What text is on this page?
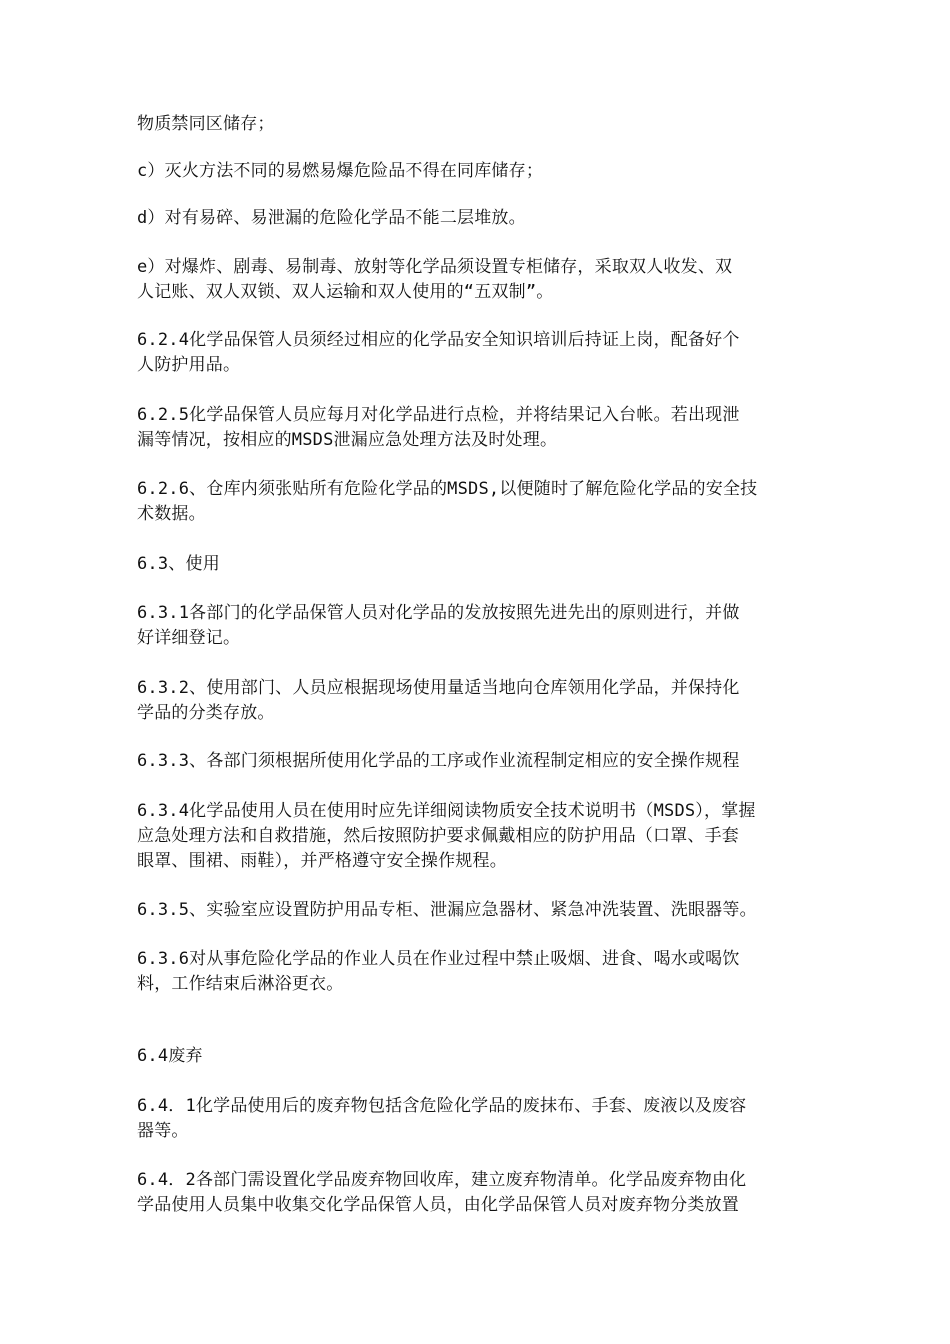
物质禁同区储存；
c）灭火方法不同的易燃易爆危险品不得在同库储存；
d）对有易碎、易泄漏的危险化学品不能二层堆放。
e）对爆炸、剧毒、易制毒、放射等化学品须设置专柜储存，采取双人收发、双
人记账、双人双锁、双人运输和双人使用的“五双制”。
6.2.4化学品保管人员须经过相应的化学品安全知识培训后持证上岗，配备好个
人防护用品。
6.2.5化学品保管人员应每月对化学品进行点检，并将结果记入台帐。若出现泄
漏等情况，按相应的MSDS泄漏应急处理方法及时处理。
6.2.6、仓库内须张贴所有危险化学品的MSDS,以便随时了解危险化学品的安全技
术数据。
6.3、使用
6.3.1各部门的化学品保管人员对化学品的发放按照先进先出的原则进行，并做
好详细登记。
6.3.2、使用部门、人员应根据现场使用量适当地向仓库领用化学品，并保持化
学品的分类存放。
6.3.3、各部门须根据所使用化学品的工序或作业流程制定相应的安全操作规程
6.3.4化学品使用人员在使用时应先详细阅读物质安全技术说明书（MSDS），掌握
应急处理方法和自救措施，然后按照防护要求佩戴相应的防护用品（口罩、手套
眼罩、围裙、雨鞋），并严格遵守安全操作规程。
6.3.5、实验室应设置防护用品专柜、泄漏应急器材、紧急冲洗装置、洗眼器等。
6.3.6对从事危险化学品的作业人员在作业过程中禁止吸烟、进食、喝水或喝饮
料，工作结束后淋浴更衣。
6.4废弃
6.4．1化学品使用后的废弃物包括含危险化学品的废抹布、手套、废液以及废容
器等。
6.4．2各部门需设置化学品废弃物回收库，建立废弃物清单。化学品废弃物由化
学品使用人员集中收集交化学品保管人员，由化学品保管人员对废弃物分类放置
